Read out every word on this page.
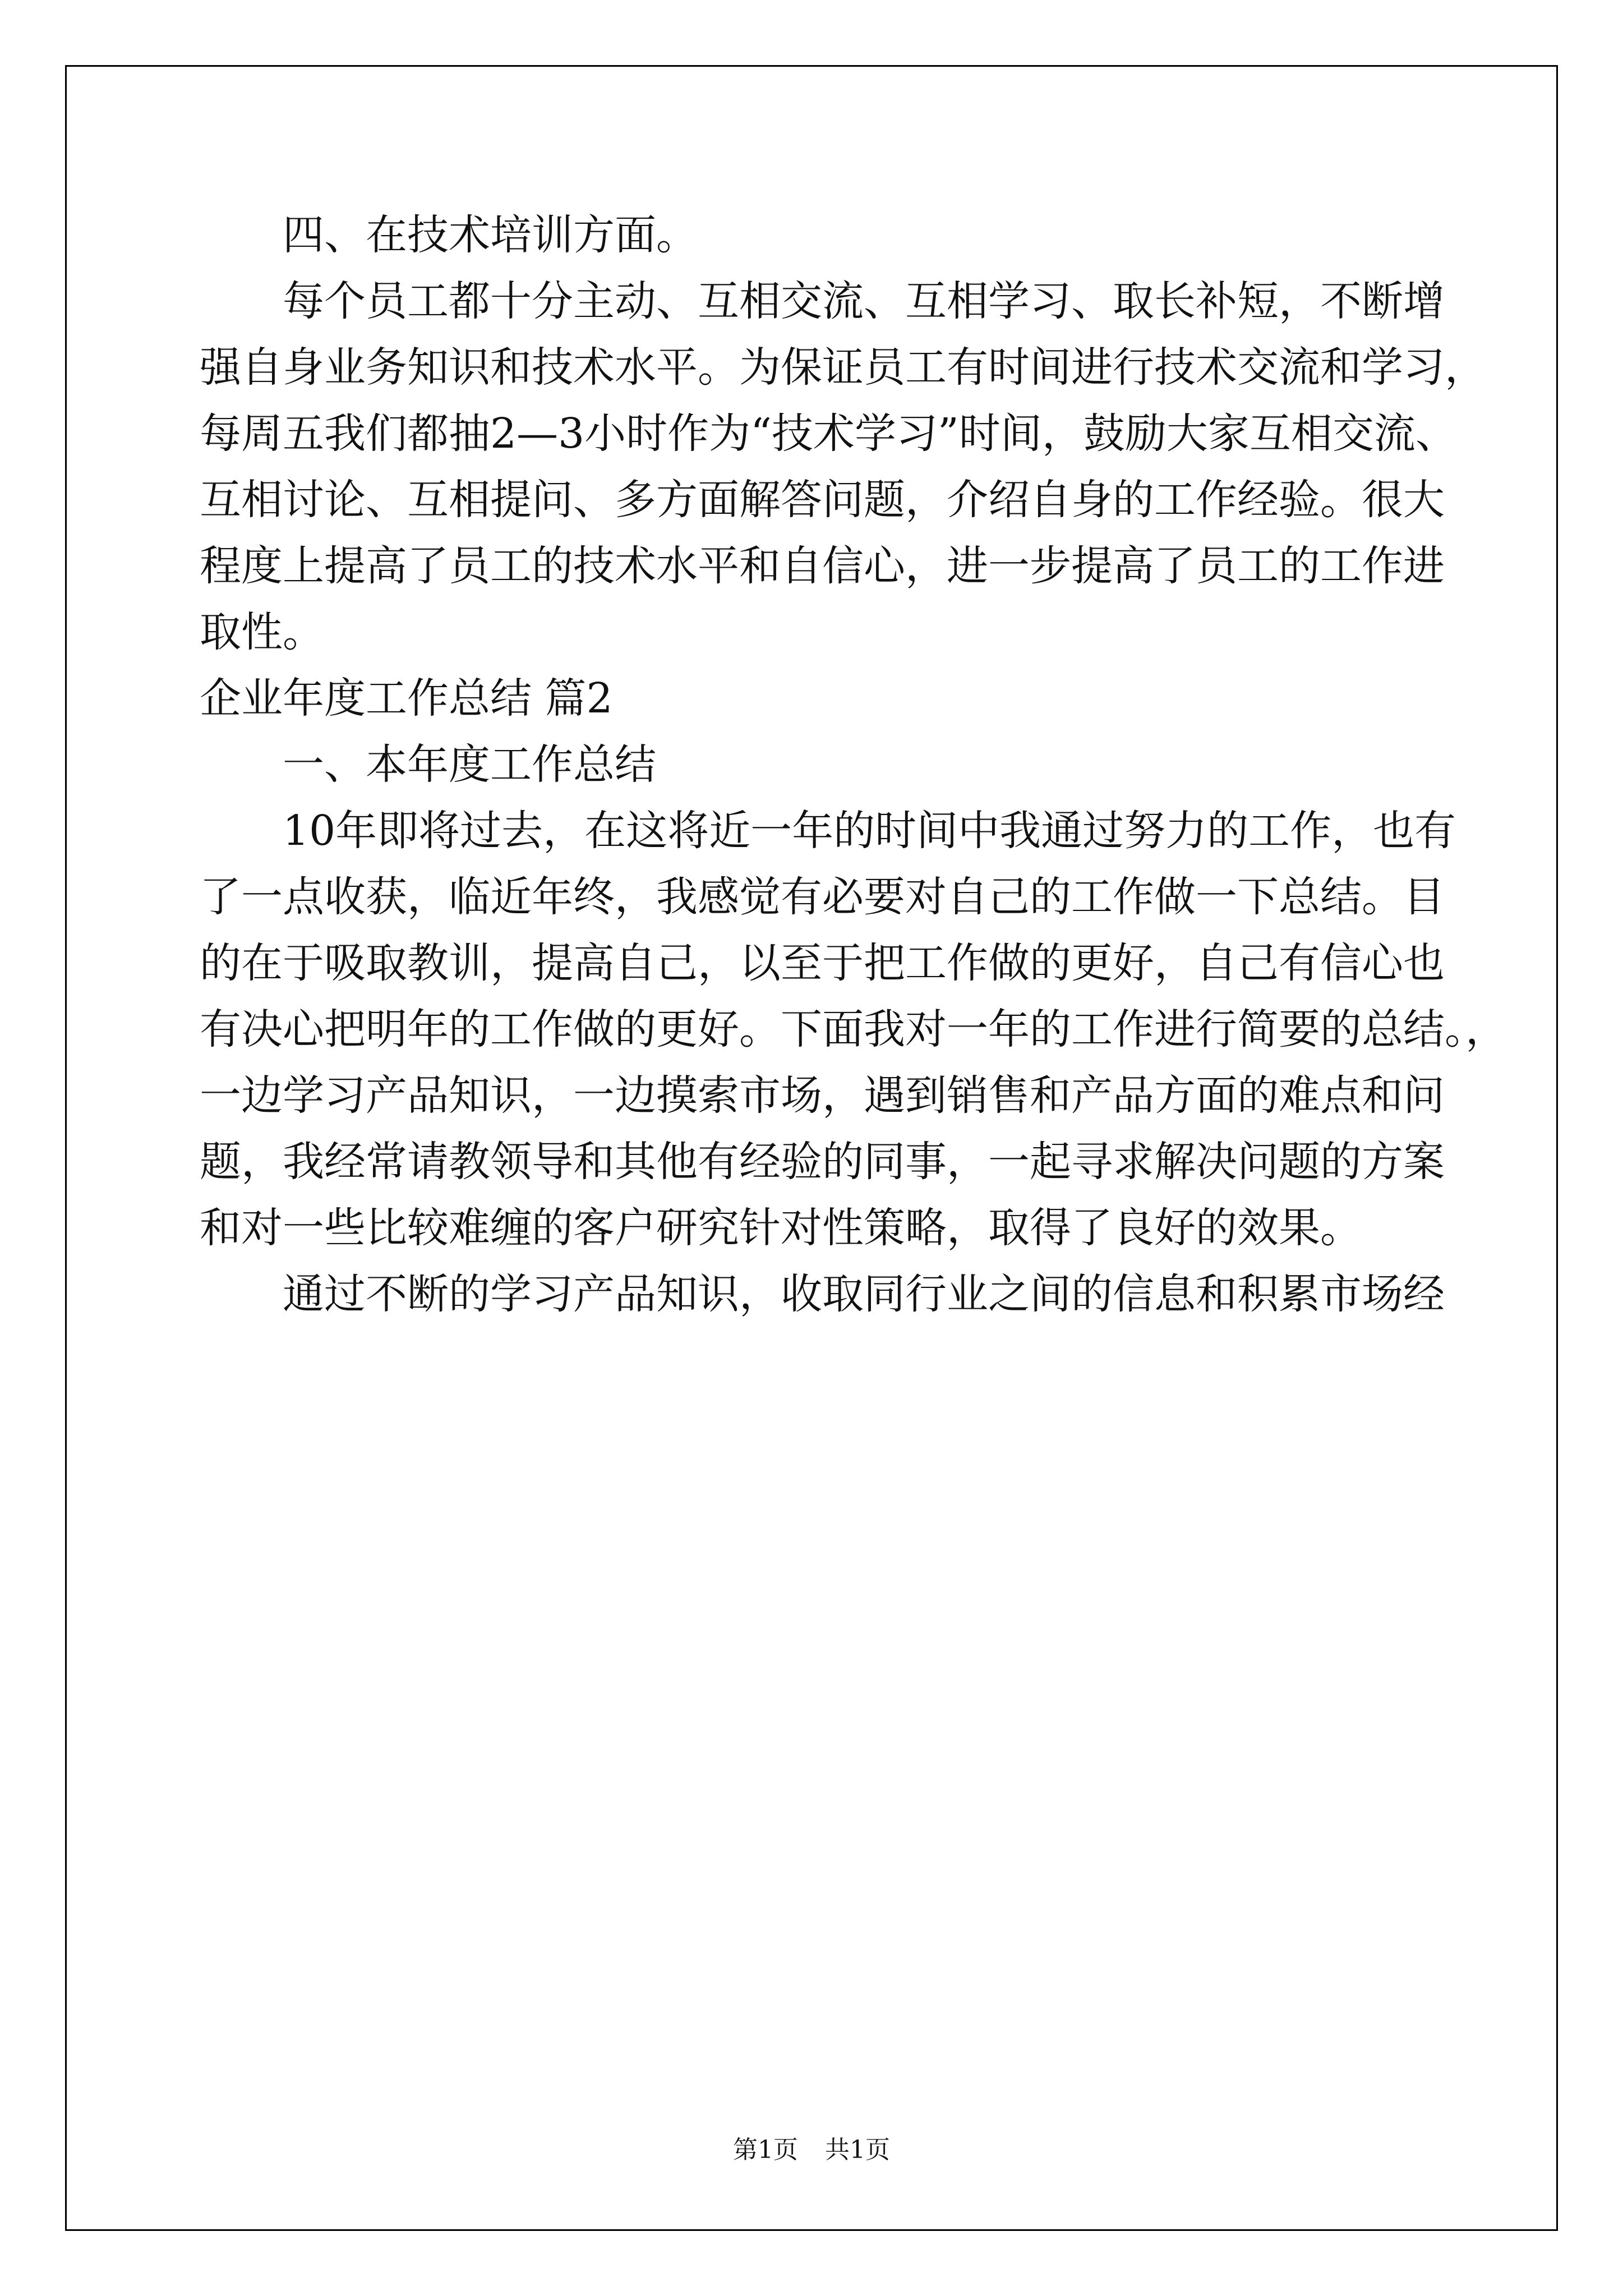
四、在技术培训方面。
每个员工都十分主动、互相交流、互相学习、取长补短，不断增
强自身业务知识和技术水平。为保证员工有时间进行技术交流和学习，
每周五我们都抽2—3小时作为“技术学习”时间，鼓励大家互相交流、
互相讨论、互相提问、多方面解答问题，介绍自身的工作经验。很大
程度上提高了员工的技术水平和自信心，进一步提高了员工的工作进
取性。
企业年度工作总结 篇2
一、本年度工作总结
10年即将过去，在这将近一年的时间中我通过努力的工作，也有
了一点收获，临近年终，我感觉有必要对自己的工作做一下总结。目
的在于吸取教训，提高自己，以至于把工作做的更好，自己有信心也
有决心把明年的工作做的更好。下面我对一年的工作进行简要的总结。，
一边学习产品知识，一边摸索市场，遇到销售和产品方面的难点和问
题，我经常请教领导和其他有经验的同事，一起寻求解决问题的方案
和对一些比较难缠的客户研究针对性策略，取得了良好的效果。
通过不断的学习产品知识，收取同行业之间的信息和积累市场经
第1页 共1页
